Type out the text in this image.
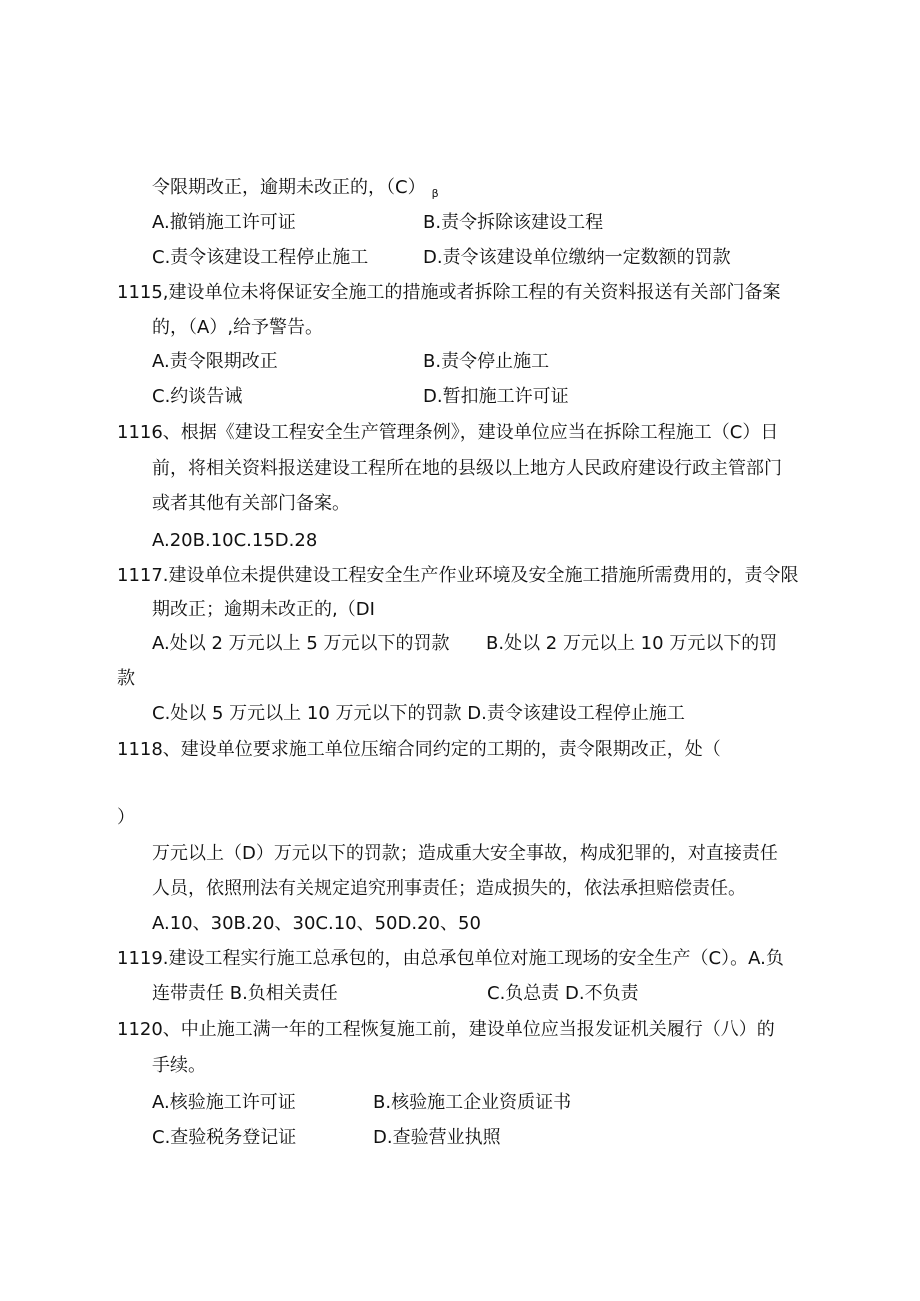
令限期改正，逾期未改正的，（C） $_\beta$
A.撤销施工许可证	B.责令拆除该建设工程
C.责令该建设工程停止施工	D.责令该建设单位缴纳一定数额的罚款
1115,建设单位未将保证安全施工的措施或者拆除工程的有关资料报送有关部门备案
的，（A）,给予警告。
A.责令限期改正	B.责令停止施工
C.约谈告诫	D.暂扣施工许可证
1116、根据《建设工程安全生产管理条例》，建设单位应当在拆除工程施工（C）日
前，将相关资料报送建设工程所在地的县级以上地方人民政府建设行政主管部门
或者其他有关部门备案。
A.20B.10C.15D.28
1117.建设单位未提供建设工程安全生产作业环境及安全施工措施所需费用的，责令限
期改正；逾期未改正的,（DI
A.处以 2 万元以上 5 万元以下的罚款 B.处以 2 万元以上 10 万元以下的罚
款
C.处以 5 万元以上 10 万元以下的罚款 D.责令该建设工程停止施工
1118、建设单位要求施工单位压缩合同约定的工期的，责令限期改正，处（
）
万元以上（D）万元以下的罚款；造成重大安全事故，构成犯罪的，对直接责任
人员，依照刑法有关规定追究刑事责任；造成损失的，依法承担赔偿责任。
A.10、30B.20、30C.10、50D.20、50
1119.建设工程实行施工总承包的，由总承包单位对施工现场的安全生产（C）。A.负
连带责任 B.负相关责任	C.负总责 D.不负责
1120、中止施工满一年的工程恢复施工前，建设单位应当报发证机关履行（八）的
手续。
A.核验施工许可证	B.核验施工企业资质证书
C.查验税务登记证	D.查验营业执照
